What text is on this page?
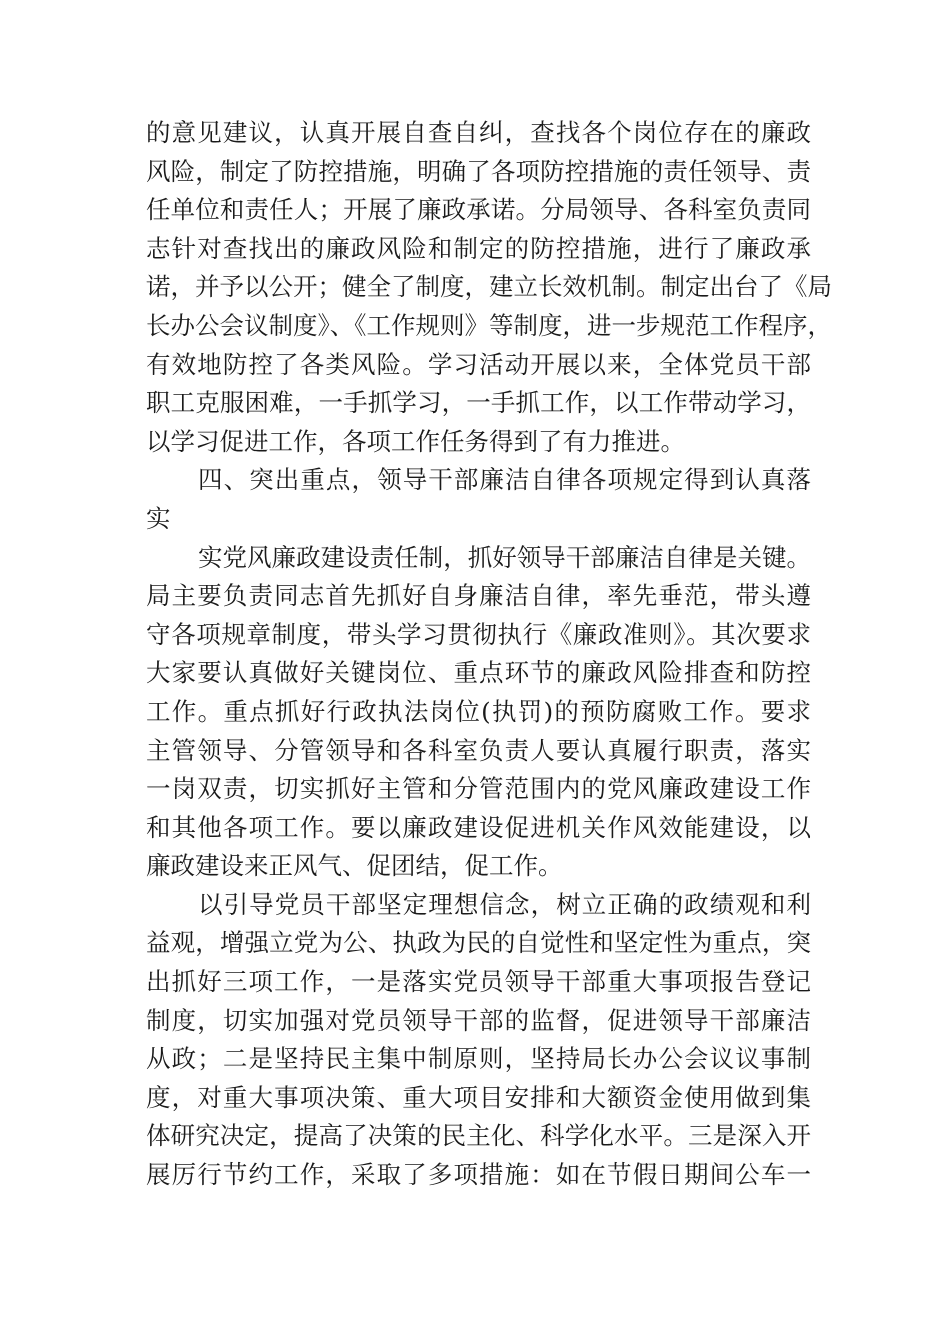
的意见建议，认真开展自查自纠，查找各个岗位存在的廉政
风险，制定了防控措施，明确了各项防控措施的责任领导、责
任单位和责任人；开展了廉政承诺。分局领导、各科室负责同
志针对查找出的廉政风险和制定的防控措施，进行了廉政承
诺，并予以公开；健全了制度，建立长效机制。制定出台了《局
长办公会议制度》、《工作规则》等制度，进一步规范工作程序，
有效地防控了各类风险。学习活动开展以来，全体党员干部
职工克服困难，一手抓学习，一手抓工作，以工作带动学习，
以学习促进工作，各项工作任务得到了有力推进。
四、突出重点，领导干部廉洁自律各项规定得到认真落
实
实党风廉政建设责任制，抓好领导干部廉洁自律是关键。
局主要负责同志首先抓好自身廉洁自律，率先垂范，带头遵
守各项规章制度，带头学习贯彻执行《廉政准则》。其次要求
大家要认真做好关键岗位、重点环节的廉政风险排查和防控
工作。重点抓好行政执法岗位(执罚)的预防腐败工作。要求
主管领导、分管领导和各科室负责人要认真履行职责，落实
一岗双责，切实抓好主管和分管范围内的党风廉政建设工作
和其他各项工作。要以廉政建设促进机关作风效能建设，以
廉政建设来正风气、促团结，促工作。
以引导党员干部坚定理想信念，树立正确的政绩观和利
益观，增强立党为公、执政为民的自觉性和坚定性为重点，突
出抓好三项工作，一是落实党员领导干部重大事项报告登记
制度，切实加强对党员领导干部的监督，促进领导干部廉洁
从政；二是坚持民主集中制原则，坚持局长办公会议议事制
度，对重大事项决策、重大项目安排和大额资金使用做到集
体研究决定，提高了决策的民主化、科学化水平。三是深入开
展厉行节约工作，采取了多项措施：如在节假日期间公车一
